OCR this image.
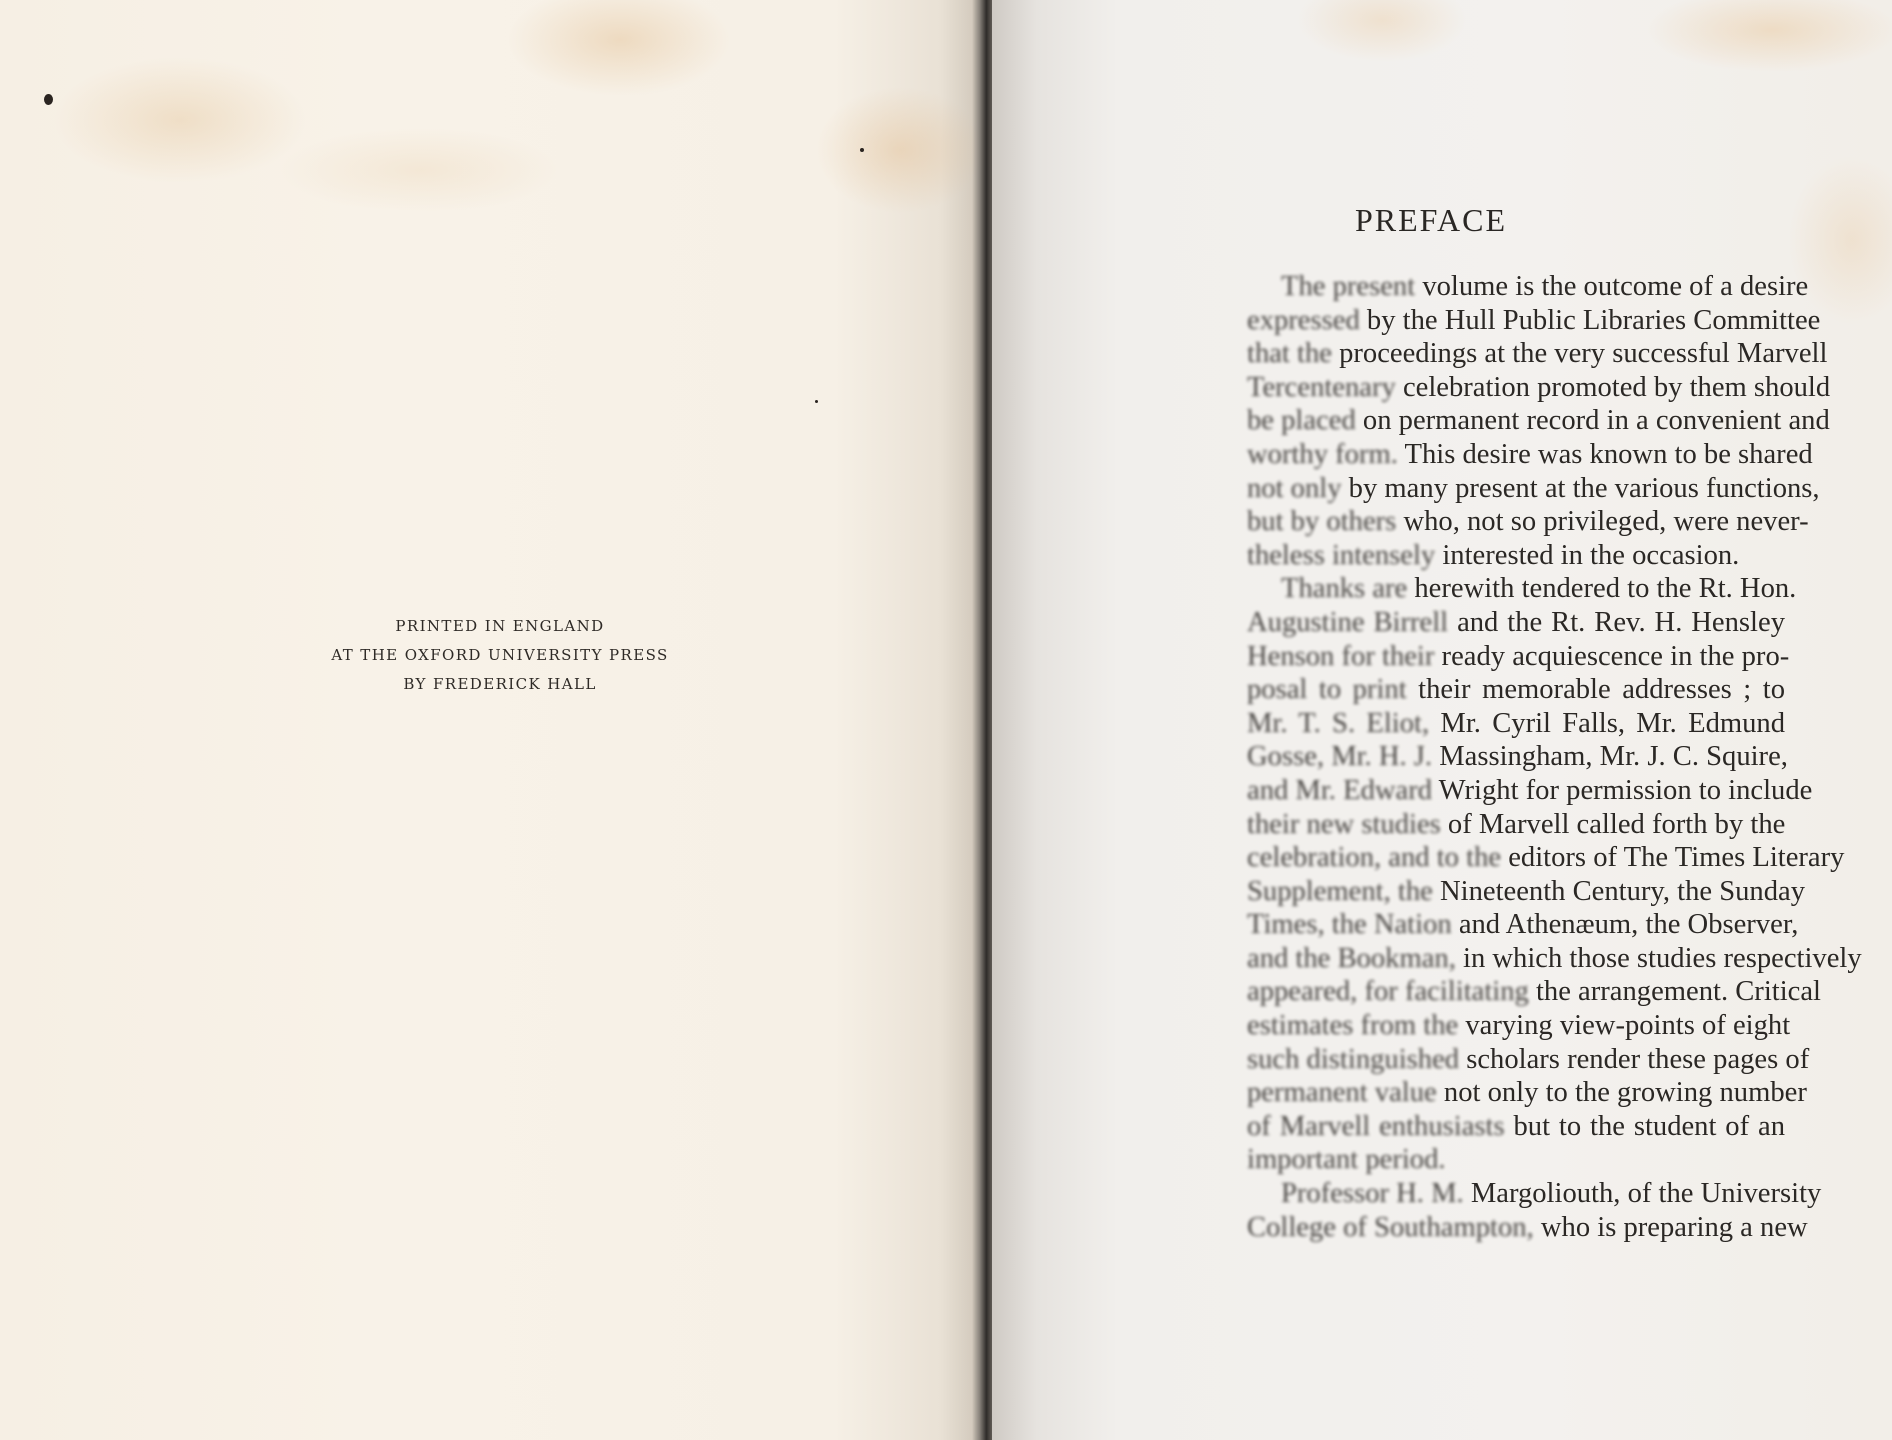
PRINTED IN ENGLAND
AT THE OXFORD UNIVERSITY PRESS
BY FREDERICK HALL
PREFACE
The present volume is the outcome of a desire
expressed by the Hull Public Libraries Committee
that the proceedings at the very successful Marvell
Tercentenary celebration promoted by them should
be placed on permanent record in a convenient and
worthy form. This desire was known to be shared
not only by many present at the various functions,
but by others who, not so privileged, were never-
theless intensely interested in the occasion.
Thanks are herewith tendered to the Rt. Hon.
Augustine Birrell and the Rt. Rev. H. Hensley
Henson for their ready acquiescence in the pro-
posal to print their memorable addresses ; to
Mr. T. S. Eliot, Mr. Cyril Falls, Mr. Edmund
Gosse, Mr. H. J. Massingham, Mr. J. C. Squire,
and Mr. Edward Wright for permission to include
their new studies of Marvell called forth by the
celebration, and to the editors of The Times Literary
Supplement, the Nineteenth Century, the Sunday
Times, the Nation and Athenæum, the Observer,
and the Bookman, in which those studies respectively
appeared, for facilitating the arrangement. Critical
estimates from the varying view-points of eight
such distinguished scholars render these pages of
permanent value not only to the growing number
of Marvell enthusiasts but to the student of an
important period.
Professor H. M. Margoliouth, of the University
College of Southampton, who is preparing a new
